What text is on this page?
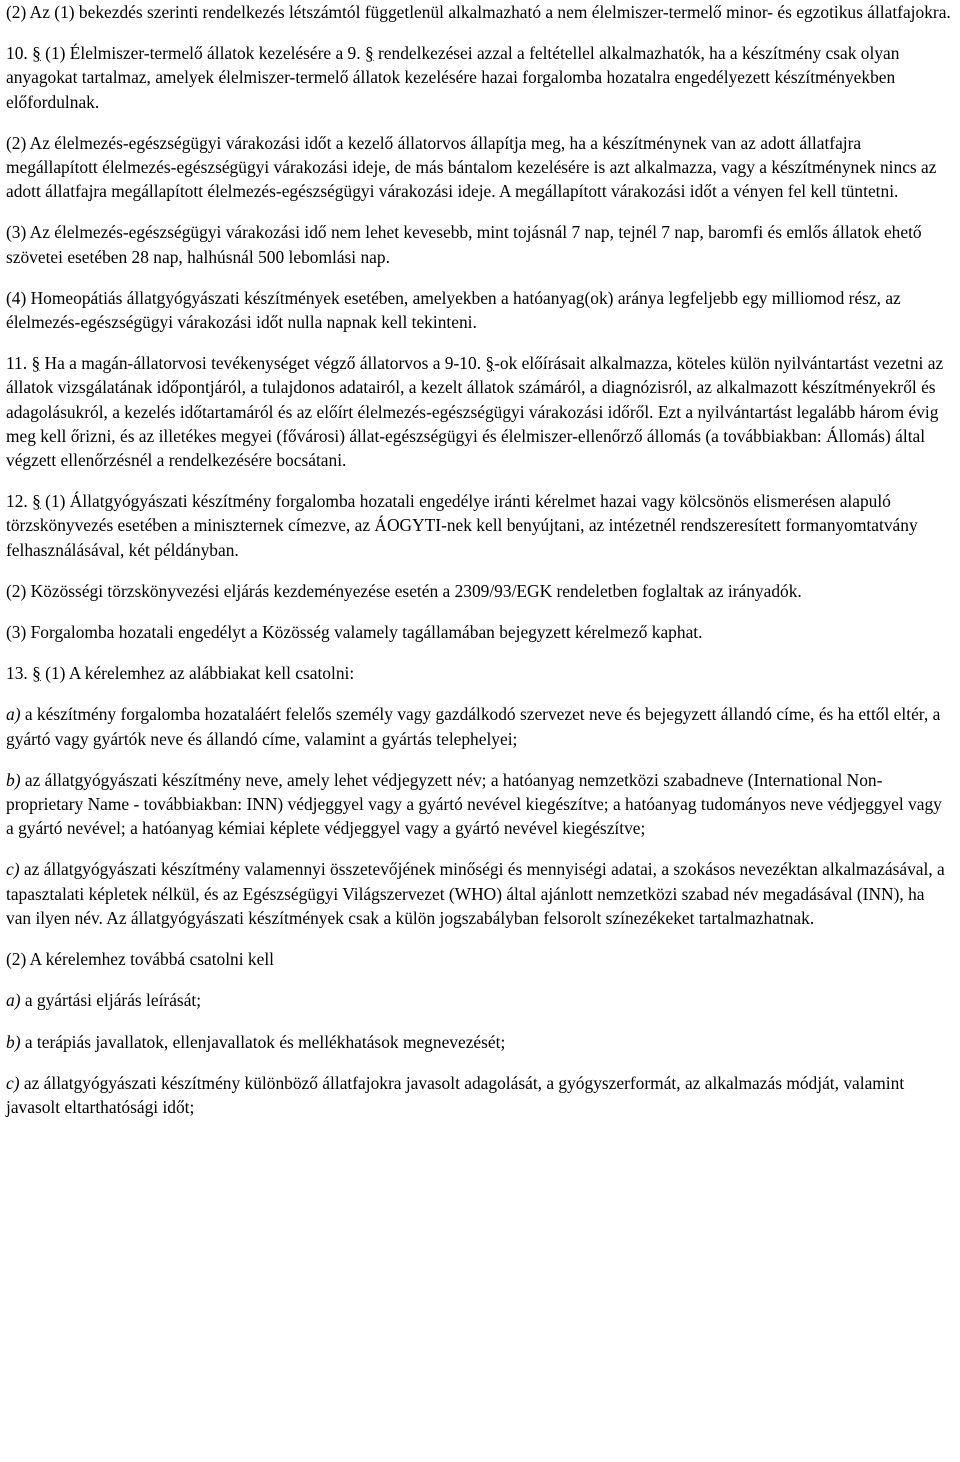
(2) Az (1) bekezdés szerinti rendelkezés létszámtól függetlenül alkalmazható a nem élelmiszer-termelő minor- és egzotikus állatfajokra.

10. § (1) Élelmiszer-termelő állatok kezelésére a 9. § rendelkezései azzal a feltétellel alkalmazhatók, ha a készítmény csak olyan anyagokat tartalmaz, amelyek élelmiszer-termelő állatok kezelésére hazai forgalomba hozatalra engedélyezett készítményekben előfordulnak.

(2) Az élelmezés-egészségügyi várakozási időt a kezelő állatorvos állapítja meg, ha a készítménynek van az adott állatfajra megállapított élelmezés-egészségügyi várakozási ideje, de más bántalom kezelésére is azt alkalmazza, vagy a készítménynek nincs az adott állatfajra megállapított élelmezés-egészségügyi várakozási ideje. A megállapított várakozási időt a vényen fel kell tüntetni.

(3) Az élelmezés-egészségügyi várakozási idő nem lehet kevesebb, mint tojásnál 7 nap, tejnél 7 nap, baromfi és emlős állatok ehető szövetei esetében 28 nap, halhúsnál 500 lebomlási nap.

(4) Homeopátiás állatgyógyászati készítmények esetében, amelyekben a hatóanyag(ok) aránya legfeljebb egy milliomod rész, az élelmezés-egészségügyi várakozási időt nulla napnak kell tekinteni.

11. § Ha a magán-állatorvosi tevékenységet végző állatorvos a 9-10. §-ok előírásait alkalmazza, köteles külön nyilvántartást vezetni az állatok vizsgálatának időpontjáról, a tulajdonos adatairól, a kezelt állatok számáról, a diagnózisról, az alkalmazott készítményekről és adagolásukról, a kezelés időtartamáról és az előírt élelmezés-egészségügyi várakozási időről. Ezt a nyilvántartást legalább három évig meg kell őrizni, és az illetékes megyei (fővárosi) állat-egészségügyi és élelmiszer-ellenőrző állomás (a továbbiakban: Állomás) által végzett ellenőrzésnél a rendelkezésére bocsátani.

12. § (1) Állatgyógyászati készítmény forgalomba hozatali engedélye iránti kérelmet hazai vagy kölcsönös elismerésen alapuló törzskönyvezés esetében a miniszternek címezve, az ÁOGYTI-nek kell benyújtani, az intézetnél rendszeresített formanyomtatvány felhasználásával, két példányban.

(2) Közösségi törzskönyvezési eljárás kezdeményezése esetén a 2309/93/EGK rendeletben foglaltak az irányadók.

(3) Forgalomba hozatali engedélyt a Közösség valamely tagállamában bejegyzett kérelmező kaphat.

13. § (1) A kérelemhez az alábbiakat kell csatolni:

a) a készítmény forgalomba hozataláért felelős személy vagy gazdálkodó szervezet neve és bejegyzett állandó címe, és ha ettől eltér, a gyártó vagy gyártók neve és állandó címe, valamint a gyártás telephelyei;

b) az állatgyógyászati készítmény neve, amely lehet védjegyzett név; a hatóanyag nemzetközi szabadneve (International Non-proprietary Name - továbbiakban: INN) védjeggyel vagy a gyártó nevével kiegészítve; a hatóanyag tudományos neve védjeggyel vagy a gyártó nevével; a hatóanyag kémiai képlete védjeggyel vagy a gyártó nevével kiegészítve;

c) az állatgyógyászati készítmény valamennyi összetevőjének minőségi és mennyiségi adatai, a szokásos nevezéktan alkalmazásával, a tapasztalati képletek nélkül, és az Egészségügyi Világszervezet (WHO) által ajánlott nemzetközi szabad név megadásával (INN), ha van ilyen név. Az állatgyógyászati készítmények csak a külön jogszabályban felsorolt színezékeket tartalmazhatnak.

(2) A kérelemhez továbbá csatolni kell

a) a gyártási eljárás leírását;

b) a terápiás javallatok, ellenjavallatok és mellékhatások megnevezését;

c) az állatgyógyászati készítmény különböző állatfajokra javasolt adagolását, a gyógyszerformát, az alkalmazás módját, valamint javasolt eltarthatósági időt;
